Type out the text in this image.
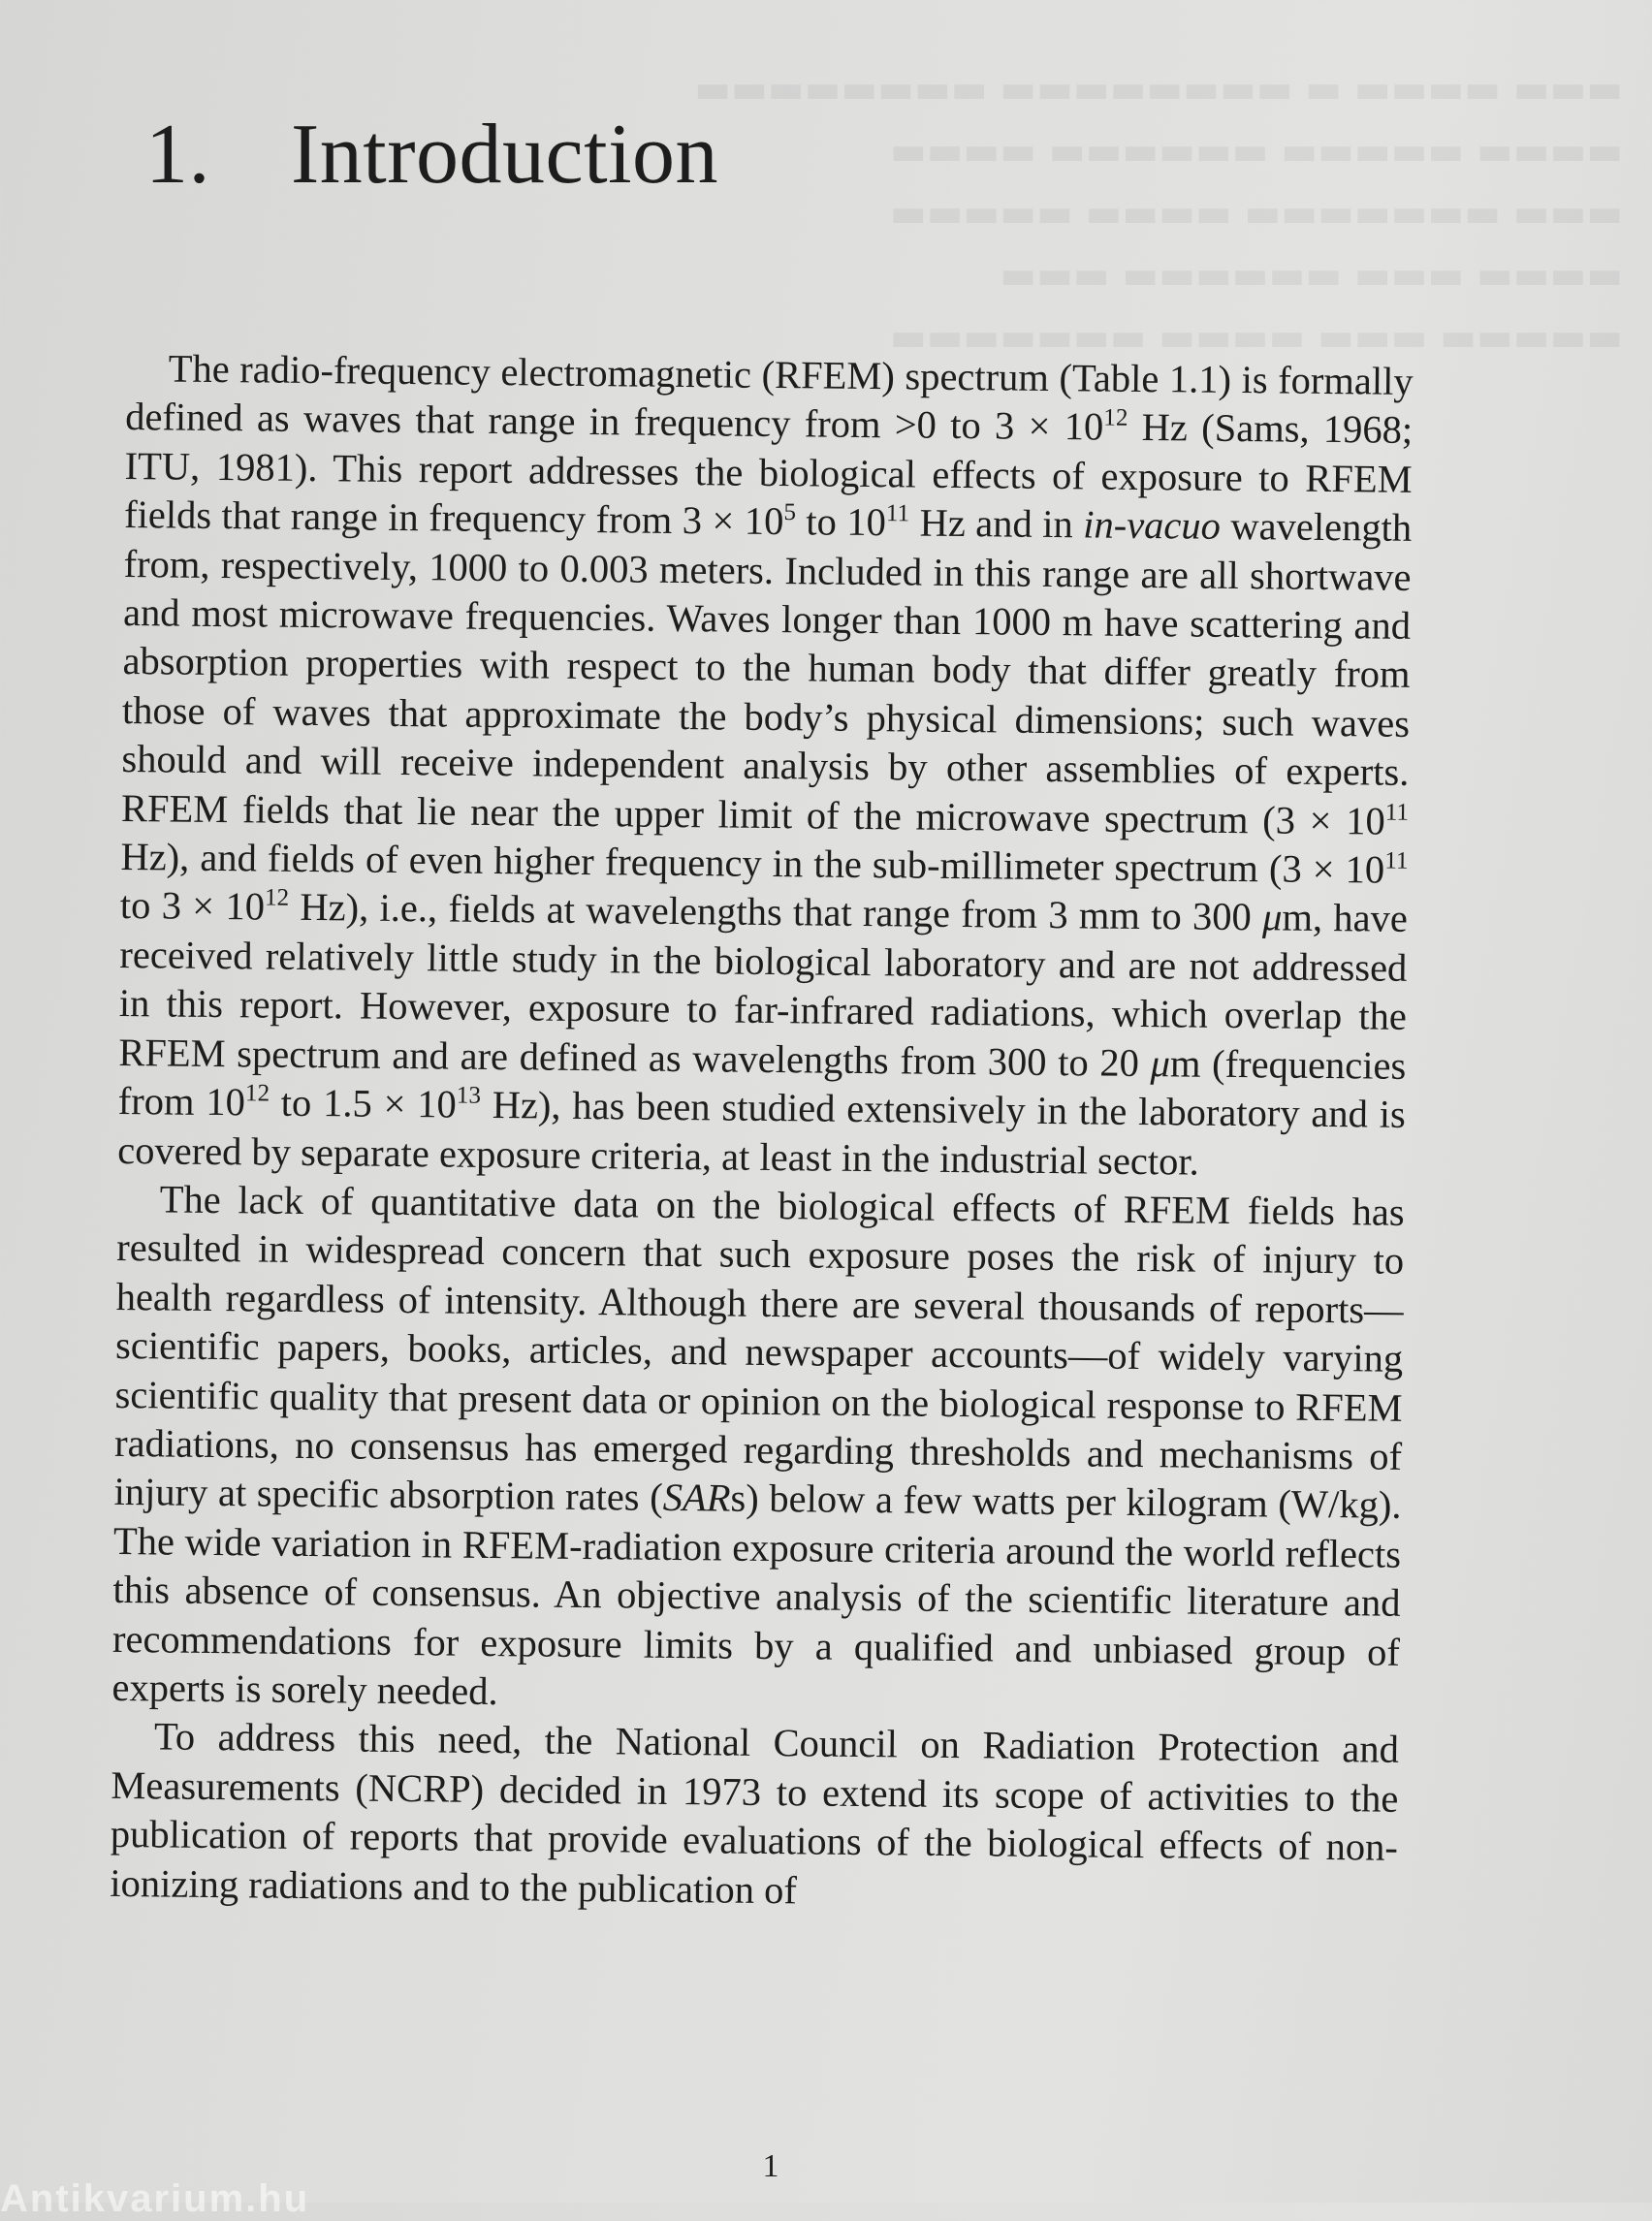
▬▬▬ ▬▬▬▬ ▬ ▬▬▬▬▬▬▬▬ ▬▬▬▬▬▬▬▬
▬▬▬▬ ▬▬▬▬▬ ▬▬▬▬▬▬ ▬▬▬▬
▬▬▬ ▬▬▬▬▬▬▬ ▬▬▬▬ ▬▬▬▬▬
▬▬▬▬ ▬▬▬ ▬▬▬▬▬▬ ▬▬▬
▬▬▬▬▬ ▬▬▬ ▬▬▬▬ ▬▬▬▬▬▬▬
1. Introduction

The radio-frequency electromagnetic (RFEM) spectrum (Table 1.1) is formally defined as waves that range in frequency from >0 to $3 \times 10^{12}$ Hz (Sams, 1968; ITU, 1981). This report addresses the biological effects of exposure to RFEM fields that range in frequency from $3 \times 10^5$ to $10^{11}$ Hz and in in-vacuo wavelength from, respectively, 1000 to 0.003 meters. Included in this range are all shortwave and most microwave frequencies. Waves longer than 1000 m have scattering and absorption properties with respect to the human body that differ greatly from those of waves that approximate the body’s physical dimensions; such waves should and will receive independent analysis by other assemblies of experts. RFEM fields that lie near the upper limit of the microwave spectrum ($3 \times 10^{11}$ Hz), and fields of even higher frequency in the sub-millimeter spectrum ($3 \times 10^{11}$ to $3 \times 10^{12}$ Hz), i.e., fields at wavelengths that range from 3 mm to 300 μm, have received relatively little study in the biological laboratory and are not addressed in this report. However, exposure to far-infrared radiations, which overlap the RFEM spectrum and are defined as wavelengths from 300 to 20 μm (frequencies from $10^{12}$ to $1.5 \times 10^{13}$ Hz), has been studied extensively in the laboratory and is covered by separate exposure criteria, at least in the industrial sector.

The lack of quantitative data on the biological effects of RFEM fields has resulted in widespread concern that such exposure poses the risk of injury to health regardless of intensity. Although there are several thousands of reports—scientific papers, books, articles, and newspaper accounts—of widely varying scientific quality that present data or opinion on the biological response to RFEM radiations, no consensus has emerged regarding thresholds and mechanisms of injury at specific absorption rates (SARs) below a few watts per kilogram (W/kg). The wide variation in RFEM-radiation exposure criteria around the world reflects this absence of consensus. An objective analysis of the scientific literature and recommendations for exposure limits by a qualified and unbiased group of experts is sorely needed.

To address this need, the National Council on Radiation Protection and Measurements (NCRP) decided in 1973 to extend its scope of activities to the publication of reports that provide evaluations of the biological effects of non-ionizing radiations and to the publication of

1
Antikvarium.hu
